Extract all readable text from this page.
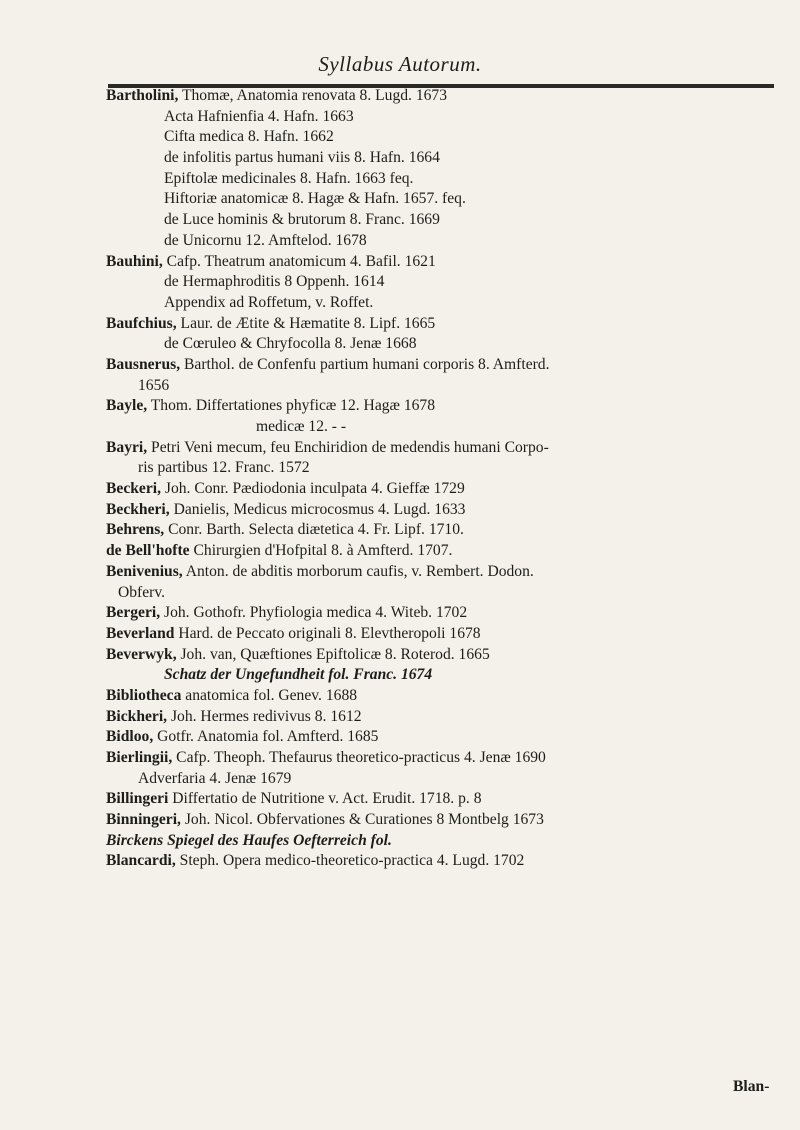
Syllabus Autorum.
Bartholini, Thomæ, Anatomia renovata 8. Lugd. 1673
Acta Hafnienfia 4. Hafn. 1663
Cifta medica 8. Hafn. 1662
de infolitis partus humani viis 8. Hafn. 1664
Epiftolæ medicinales 8. Hafn. 1663 feq.
Hiftoriæ anatomicæ 8. Hagæ & Hafn. 1657. feq.
de Luce hominis & brutorum 8. Franc. 1669
de Unicornu 12. Amftelod. 1678
Bauhini, Cafp. Theatrum anatomicum 4. Bafil. 1621
de Hermaphroditis 8 Oppenh. 1614
Appendix ad Roffetum, v. Roffet.
Baufchius, Laur. de Ætite & Hæmatite 8. Lipf. 1665
de Cœruleo & Chryfocolla 8. Jenæ 1668
Bausnerus, Barthol. de Confenfu partium humani corporis 8. Amfterd.
1656
Bayle, Thom. Differtationes phyficæ 12. Hagæ 1678
medicæ 12. - -
Bayri, Petri Veni mecum, feu Enchiridion de medendis humani Corpo-
ris partibus 12. Franc. 1572
Beckeri, Joh. Conr. Pædiodonia inculpata 4. Gieffæ 1729
Beckheri, Danielis, Medicus microcosmus 4. Lugd. 1633
Behrens, Conr. Barth. Selecta diætetica 4. Fr. Lipf. 1710.
de Bell'hofte Chirurgien d'Hofpital 8. à Amfterd. 1707.
Benivenius, Anton. de abditis morborum caufis, v. Rembert. Dodon.
Obferv.
Bergeri, Joh. Gothofr. Phyfiologia medica 4. Witeb. 1702
Beverland Hard. de Peccato originali 8. Elevtheropoli 1678
Beverwyk, Joh. van, Quæftiones Epiftolicæ 8. Roterod. 1665
Schatz der Ungefundheit fol. Franc. 1674
Bibliotheca anatomica fol. Genev. 1688
Bickheri, Joh. Hermes redivivus 8. 1612
Bidloo, Gotfr. Anatomia fol. Amfterd. 1685
Bierlingii, Cafp. Theoph. Thefaurus theoretico-practicus 4. Jenæ 1690
Adverfaria 4. Jenæ 1679
Billingeri Differtatio de Nutritione v. Act. Erudit. 1718. p. 8
Binningeri, Joh. Nicol. Obfervationes & Curationes 8 Montbelg 1673
Birckens Spiegel des Haufes Oefterreich fol.
Blancardi, Steph. Opera medico-theoretico-practica 4. Lugd. 1702
Blan-
